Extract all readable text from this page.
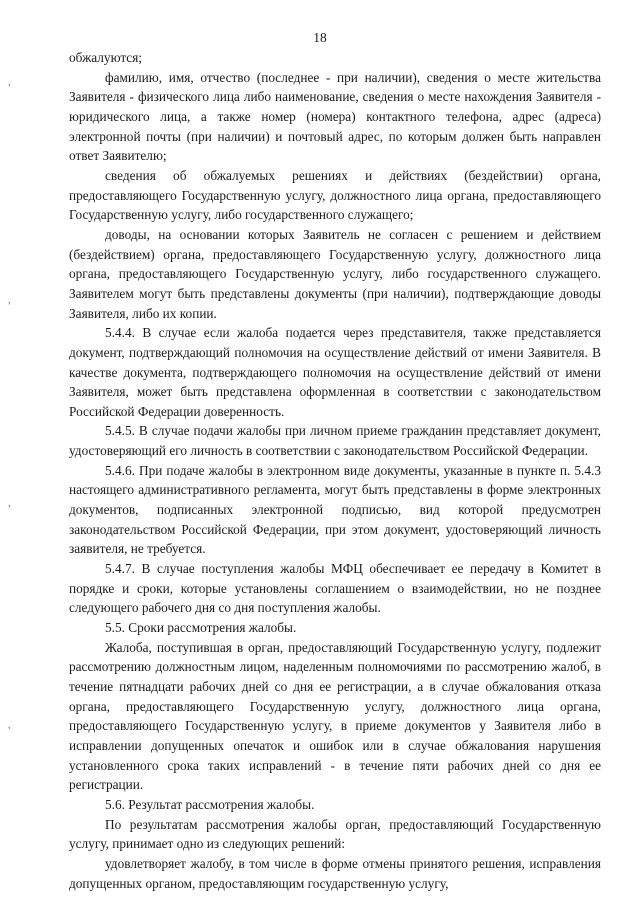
18
,
,
,
,

обжалуются;

фамилию, имя, отчество (последнее - при наличии), сведения о месте жительства Заявителя - физического лица либо наименование, сведения о месте нахождения Заявителя - юридического лица, а также номер (номера) контактного телефона, адрес (адреса) электронной почты (при наличии) и почтовый адрес, по которым должен быть направлен ответ Заявителю;

сведения об обжалуемых решениях и действиях (бездействии) органа, предоставляющего Государственную услугу, должностного лица органа, предоставляющего Государственную услугу, либо государственного служащего;

доводы, на основании которых Заявитель не согласен с решением и действием (бездействием) органа, предоставляющего Государственную услугу, должностного лица органа, предоставляющего Государственную услугу, либо государственного служащего. Заявителем могут быть представлены документы (при наличии), подтверждающие доводы Заявителя, либо их копии.

5.4.4. В случае если жалоба подается через представителя, также представляется документ, подтверждающий полномочия на осуществление действий от имени Заявителя. В качестве документа, подтверждающего полномочия на осуществление действий от имени Заявителя, может быть представлена оформленная в соответствии с законодательством Российской Федерации доверенность.

5.4.5. В случае подачи жалобы при личном приеме гражданин представляет документ, удостоверяющий его личность в соответствии с законодательством Российской Федерации.

5.4.6. При подаче жалобы в электронном виде документы, указанные в пункте п. 5.4.3 настоящего административного регламента, могут быть представлены в форме электронных документов, подписанных электронной подписью, вид которой предусмотрен законодательством Российской Федерации, при этом документ, удостоверяющий личность заявителя, не требуется.

5.4.7. В случае поступления жалобы МФЦ обеспечивает ее передачу в Комитет в порядке и сроки, которые установлены соглашением о взаимодействии, но не позднее следующего рабочего дня со дня поступления жалобы.

5.5. Сроки рассмотрения жалобы.

Жалоба, поступившая в орган, предоставляющий Государственную услугу, подлежит рассмотрению должностным лицом, наделенным полномочиями по рассмотрению жалоб, в течение пятнадцати рабочих дней со дня ее регистрации, а в случае обжалования отказа органа, предоставляющего Государственную услугу, должностного лица органа, предоставляющего Государственную услугу, в приеме документов у Заявителя либо в исправлении допущенных опечаток и ошибок или в случае обжалования нарушения установленного срока таких исправлений - в течение пяти рабочих дней со дня ее регистрации.

5.6. Результат рассмотрения жалобы.

По результатам рассмотрения жалобы орган, предоставляющий Государственную услугу, принимает одно из следующих решений:

удовлетворяет жалобу, в том числе в форме отмены принятого решения, исправления допущенных органом, предоставляющим государственную услугу,
